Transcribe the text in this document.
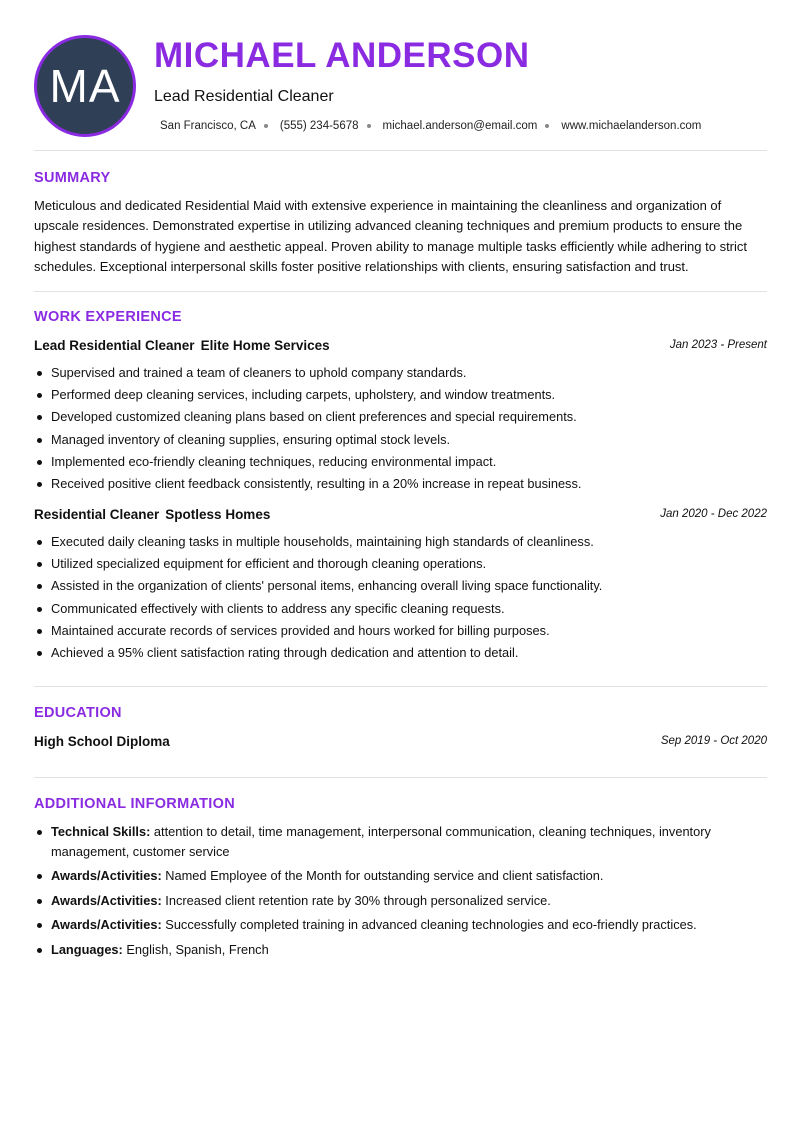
MA
MICHAEL ANDERSON
Lead Residential Cleaner
San Francisco, CA (555) 234-5678 michael.anderson@email.com www.michaelanderson.com
SUMMARY
Meticulous and dedicated Residential Maid with extensive experience in maintaining the cleanliness and organization of upscale residences. Demonstrated expertise in utilizing advanced cleaning techniques and premium products to ensure the highest standards of hygiene and aesthetic appeal. Proven ability to manage multiple tasks efficiently while adhering to strict schedules. Exceptional interpersonal skills foster positive relationships with clients, ensuring satisfaction and trust.
WORK EXPERIENCE
Lead Residential Cleaner Elite Home Services	Jan 2023 - Present
Supervised and trained a team of cleaners to uphold company standards.
Performed deep cleaning services, including carpets, upholstery, and window treatments.
Developed customized cleaning plans based on client preferences and special requirements.
Managed inventory of cleaning supplies, ensuring optimal stock levels.
Implemented eco-friendly cleaning techniques, reducing environmental impact.
Received positive client feedback consistently, resulting in a 20% increase in repeat business.
Residential Cleaner Spotless Homes	Jan 2020 - Dec 2022
Executed daily cleaning tasks in multiple households, maintaining high standards of cleanliness.
Utilized specialized equipment for efficient and thorough cleaning operations.
Assisted in the organization of clients' personal items, enhancing overall living space functionality.
Communicated effectively with clients to address any specific cleaning requests.
Maintained accurate records of services provided and hours worked for billing purposes.
Achieved a 95% client satisfaction rating through dedication and attention to detail.
EDUCATION
High School Diploma	Sep 2019 - Oct 2020
ADDITIONAL INFORMATION
Technical Skills: attention to detail, time management, interpersonal communication, cleaning techniques, inventory management, customer service
Awards/Activities: Named Employee of the Month for outstanding service and client satisfaction.
Awards/Activities: Increased client retention rate by 30% through personalized service.
Awards/Activities: Successfully completed training in advanced cleaning technologies and eco-friendly practices.
Languages: English , Spanish , French
